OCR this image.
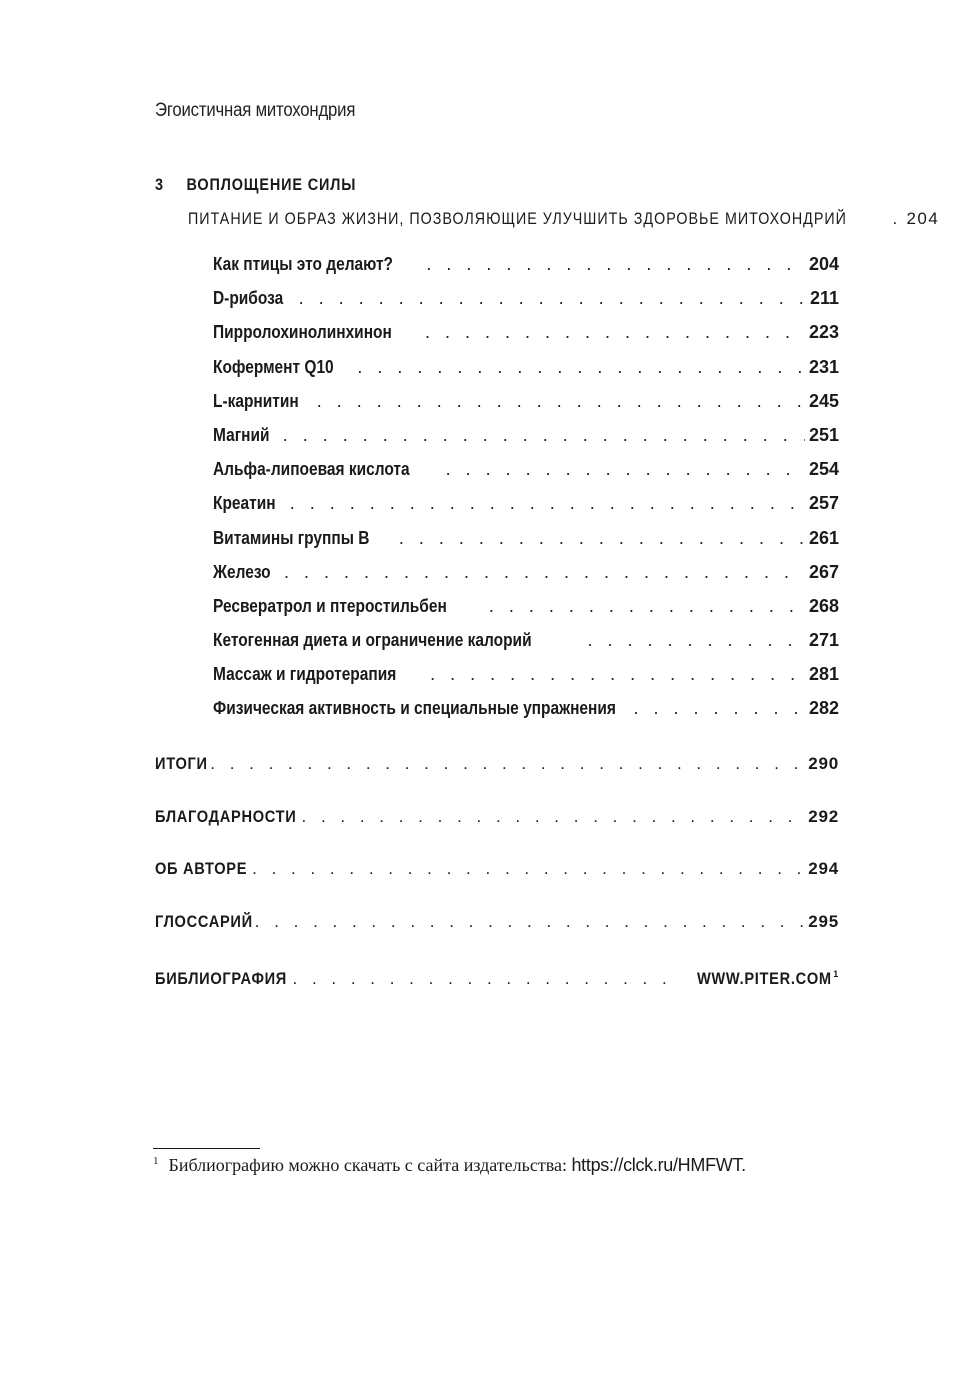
Эгоистичная митохондрия
3 ВОПЛОЩЕНИЕ СИЛЫ
ПИТАНИЕ И ОБРАЗ ЖИЗНИ, ПОЗВОЛЯЮЩИЕ УЛУЧШИТЬ ЗДОРОВЬЕ МИТОХОНДРИЙ . . .	204
Как птицы это делают? . . .	204
D-рибоза . . .	211
Пирролохинолинхинон . . .	223
Кофермент Q10 . . .	231
L-карнитин . . .	245
Магний . . .	251
Альфа-липоевая кислота . . .	254
Креатин . . .	257
Витамины группы B . . .	261
Железо . . .	267
Ресвератрол и птеростильбен . . .	268
Кетогенная диета и ограничение калорий . . .	271
Массаж и гидротерапия . . .	281
Физическая активность и специальные упражнения . . .	282
ИТОГИ . . .	290
БЛАГОДАРНОСТИ . . .	292
ОБ АВТОРЕ . . .	294
ГЛОССАРИЙ . . .	295
БИБЛИОГРАФИЯ . . .	WWW.PITER.COM$^1$
$^1$ Библиографию можно скачать с сайта издательства: https://clck.ru/HMFWT.
